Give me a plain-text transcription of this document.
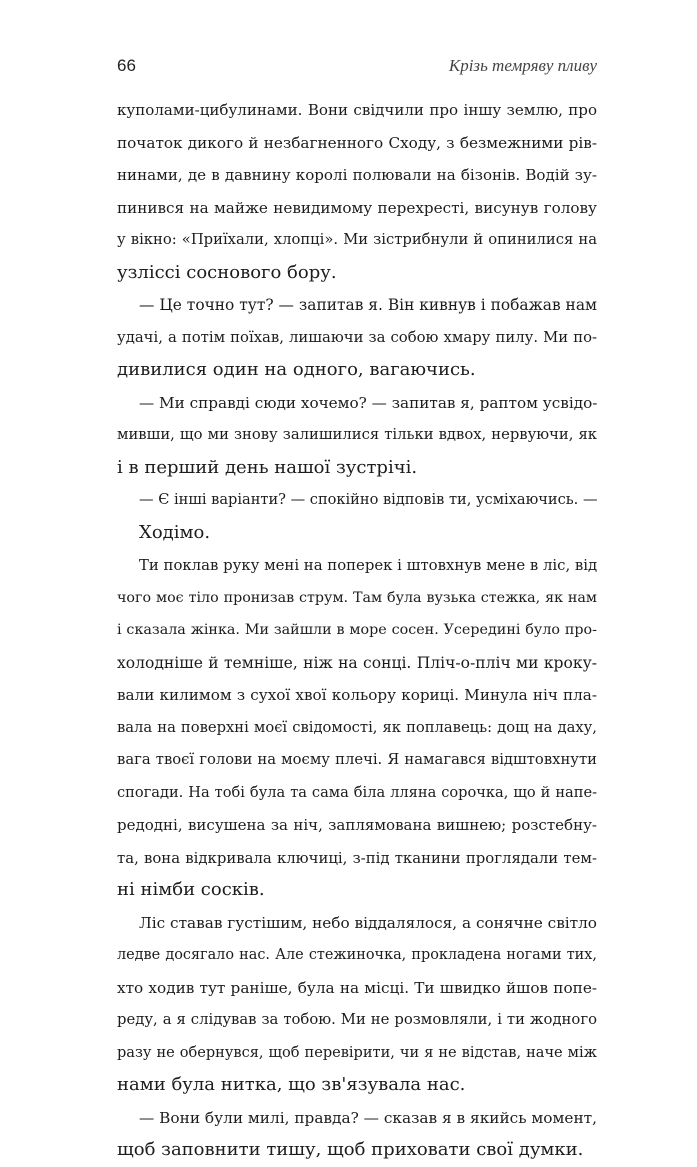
66	Крізь темряву пливу
куполами-цибулинами. Вони свідчили про іншу землю, про
початок дикого й незбагненного Сходу, з безмежними рів-
нинами, де в давнину королі полювали на бізонів. Водій зу-
пинився на майже невидимому перехресті, висунув голову
у вікно: «Приїхали, хлопці». Ми зістрибнули й опинилися на
узліссі соснового бору.
— Це точно тут? — запитав я. Він кивнув і побажав нам
удачі, а потім поїхав, лишаючи за собою хмару пилу. Ми по-
дивилися один на одного, вагаючись.
— Ми справді сюди хочемо? — запитав я, раптом усвідо-
мивши, що ми знову залишилися тільки вдвох, нервуючи, як
і в перший день нашої зустрічі.
— Є інші варіанти? — спокійно відповів ти, усміхаючись. —
Ходімо.
Ти поклав руку мені на поперек і штовхнув мене в ліс, від
чого моє тіло пронизав струм. Там була вузька стежка, як нам
і сказала жінка. Ми зайшли в море сосен. Усередині було про-
холодніше й темніше, ніж на сонці. Пліч-о-пліч ми кроку-
вали килимом з сухої хвої кольору кориці. Минула ніч пла-
вала на поверхні моєї свідомості, як поплавець: дощ на даху,
вага твоєї голови на моєму плечі. Я намагався відштовхнути
спогади. На тобі була та сама біла лляна сорочка, що й напе-
редодні, висушена за ніч, заплямована вишнею; розстебну-
та, вона відкривала ключиці, з-під тканини проглядали тем-
ні німби сосків.
Ліс ставав густішим, небо віддалялося, а сонячне світло
ледве досягало нас. Але стежиночка, прокладена ногами тих,
хто ходив тут раніше, була на місці. Ти швидко йшов попе-
реду, а я слідував за тобою. Ми не розмовляли, і ти жодного
разу не обернувся, щоб перевірити, чи я не відстав, наче між
нами була нитка, що зв'язувала нас.
— Вони були милі, правда? — сказав я в якийсь момент,
щоб заповнити тишу, щоб приховати свої думки.
